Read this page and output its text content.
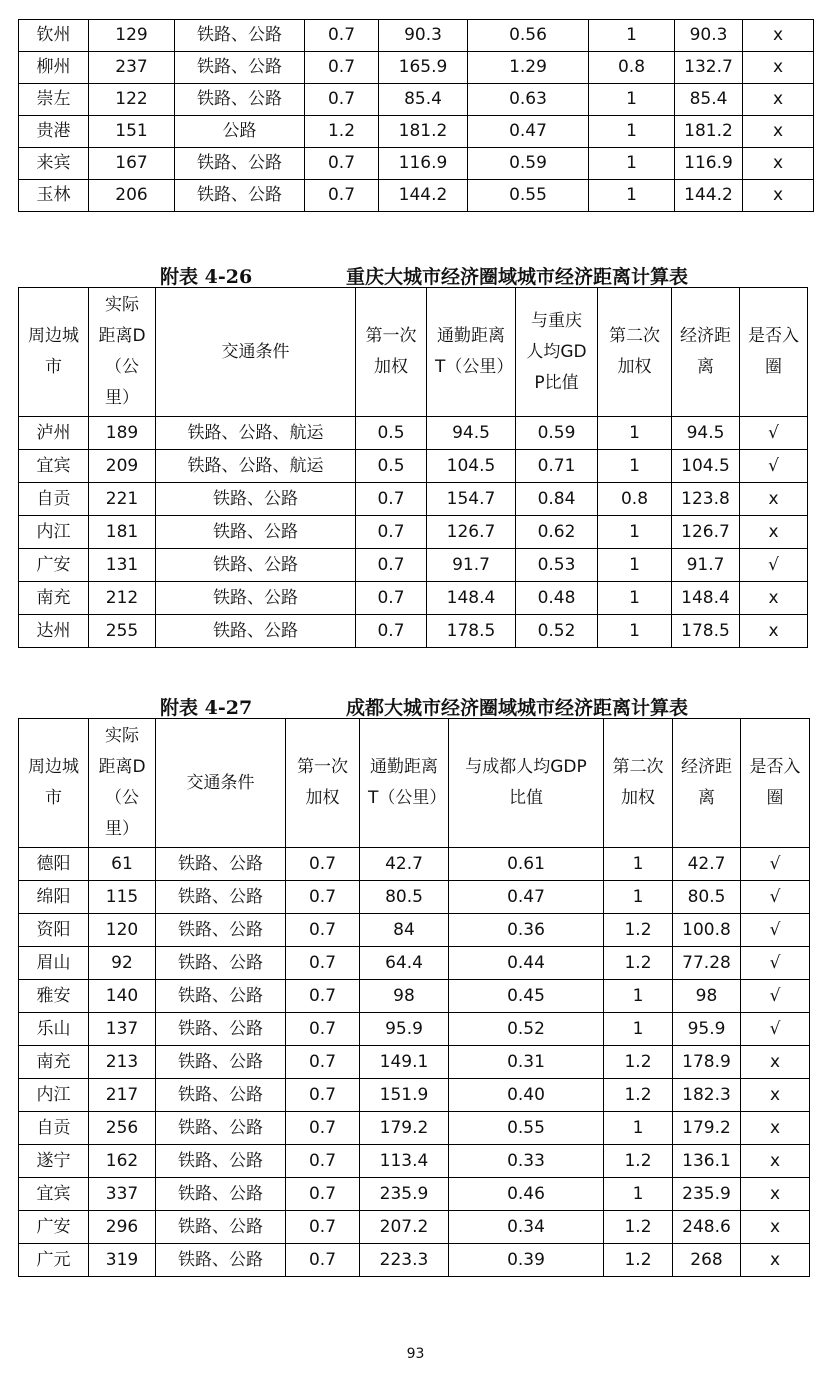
钦州	129	铁路、公路	0.7	90.3	0.56	1	90.3	x
柳州	237	铁路、公路	0.7	165.9	1.29	0.8	132.7	x
崇左	122	铁路、公路	0.7	85.4	0.63	1	85.4	x
贵港	151	公路	1.2	181.2	0.47	1	181.2	x
来宾	167	铁路、公路	0.7	116.9	0.59	1	116.9	x
玉林	206	铁路、公路	0.7	144.2	0.55	1	144.2	x
附表 4-26	重庆大城市经济圈域城市经济距离计算表
周边城市	实际距离D（公里）	交通条件	第一次加权	通勤距离T（公里）	与重庆人均GDP比值	第二次加权	经济距离	是否入圈
泸州	189	铁路、公路、航运	0.5	94.5	0.59	1	94.5	√
宜宾	209	铁路、公路、航运	0.5	104.5	0.71	1	104.5	√
自贡	221	铁路、公路	0.7	154.7	0.84	0.8	123.8	x
内江	181	铁路、公路	0.7	126.7	0.62	1	126.7	x
广安	131	铁路、公路	0.7	91.7	0.53	1	91.7	√
南充	212	铁路、公路	0.7	148.4	0.48	1	148.4	x
达州	255	铁路、公路	0.7	178.5	0.52	1	178.5	x
附表 4-27	成都大城市经济圈域城市经济距离计算表
周边城市	实际距离D（公里）	交通条件	第一次加权	通勤距离T（公里）	与成都人均GDP比值	第二次加权	经济距离	是否入圈
德阳	61	铁路、公路	0.7	42.7	0.61	1	42.7	√
绵阳	115	铁路、公路	0.7	80.5	0.47	1	80.5	√
资阳	120	铁路、公路	0.7	84	0.36	1.2	100.8	√
眉山	92	铁路、公路	0.7	64.4	0.44	1.2	77.28	√
雅安	140	铁路、公路	0.7	98	0.45	1	98	√
乐山	137	铁路、公路	0.7	95.9	0.52	1	95.9	√
南充	213	铁路、公路	0.7	149.1	0.31	1.2	178.9	x
内江	217	铁路、公路	0.7	151.9	0.40	1.2	182.3	x
自贡	256	铁路、公路	0.7	179.2	0.55	1	179.2	x
遂宁	162	铁路、公路	0.7	113.4	0.33	1.2	136.1	x
宜宾	337	铁路、公路	0.7	235.9	0.46	1	235.9	x
广安	296	铁路、公路	0.7	207.2	0.34	1.2	248.6	x
广元	319	铁路、公路	0.7	223.3	0.39	1.2	268	x
93
